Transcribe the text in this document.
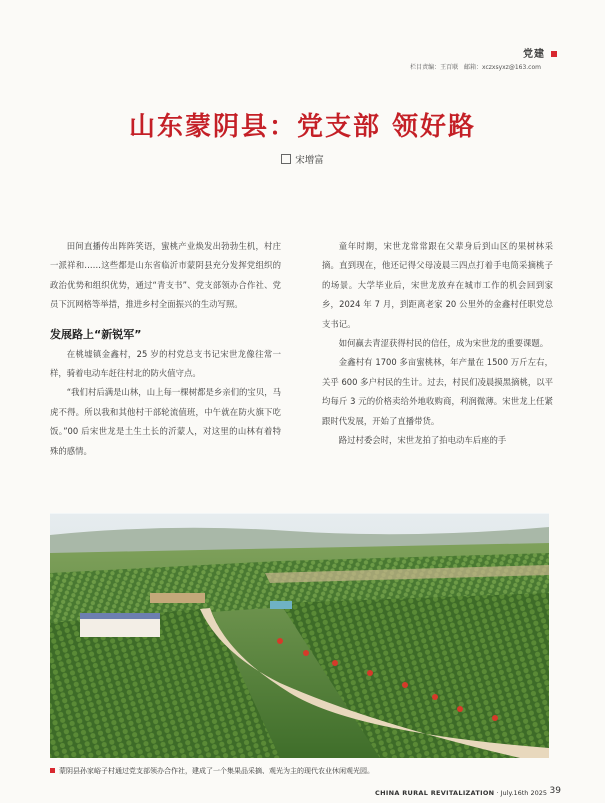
党建
栏目责编：王百联 邮箱：xczxsyxz@163.com
山东蒙阴县：党支部 领好路
宋增富

田间直播传出阵阵笑语，蜜桃产业焕发出勃勃生机，村庄一派祥和……这些都是山东省临沂市蒙阴县充分发挥党组织的政治优势和组织优势，通过“青支书”、党支部领办合作社、党员下沉网格等举措，推进乡村全面振兴的生动写照。

发展路上“新锐军”

在桃墟镇金鑫村，25 岁的村党总支书记宋世龙像往常一样，骑着电动车赶往村北的防火值守点。

“我们村后满是山林，山上每一棵树都是乡亲们的宝贝，马虎不得。所以我和其他村干部轮流值班，中午就在防火旗下吃饭。”00 后宋世龙是土生土长的沂蒙人，对这里的山林有着特殊的感情。

童年时期，宋世龙常常跟在父辈身后到山区的果树林采摘。直到现在，他还记得父母凌晨三四点打着手电筒采摘桃子的场景。大学毕业后，宋世龙放弃在城市工作的机会回到家乡，2024 年 7 月，到距离老家 20 公里外的金鑫村任职党总支书记。

如何赢去青涩获得村民的信任，成为宋世龙的重要课题。

金鑫村有 1700 多亩蜜桃林，年产量在 1500 万斤左右，关乎 600 多户村民的生计。过去，村民们凌晨摸黑摘桃，以平均每斤 3 元的价格卖给外地收购商，利润微薄。宋世龙上任紧跟时代发展，开始了直播带货。

路过村委会时，宋世龙拍了拍电动车后座的手

蒙阴县孙家峪子村通过党支部领办合作社，建成了一个集果品采摘、观光为主的现代农业休闲观光园。
CHINA RURAL REVITALIZATION · July.16th 2025 39
